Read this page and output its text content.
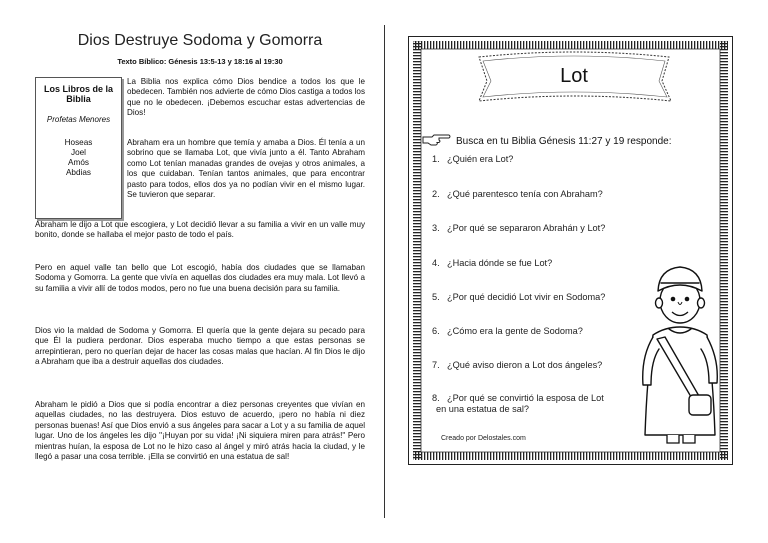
Dios Destruye Sodoma y Gomorra
Texto Bíblico: Génesis 13:5-13 y 18:16 al 19:30
Los Libros de la Biblia
Profetas Menores
Hoseas
Joel
Amós
Abdias

La Biblia nos explica cómo Dios bendice a todos los que le obedecen. También nos advierte de cómo Dios castiga a todos los que no le obedecen. ¡Debemos escuchar estas advertencias de Dios!

Abraham era un hombre que temía y amaba a Dios. Él tenía a un sobrino que se llamaba Lot, que vivía junto a él. Tanto Abraham como Lot tenían manadas grandes de ovejas y otros animales, a los que cuidaban. Tenían tantos animales, que para encontrar pasto para todos, ellos dos ya no podían vivir en el mismo lugar. Se tuvieron que separar.

Abraham le dijo a Lot que escogiera, y Lot decidió llevar a su familia a vivir en un valle muy bonito, donde se hallaba el mejor pasto de todo el país.

Pero en aquel valle tan bello que Lot escogió, había dos ciudades que se llamaban Sodoma y Gomorra. La gente que vivía en aquellas dos ciudades era muy mala. Lot llevó a su familia a vivir allí de todos modos, pero no fue una buena decisión para su familia.

Dios vio la maldad de Sodoma y Gomorra. El quería que la gente dejara su pecado para que Él la pudiera perdonar. Dios esperaba mucho tiempo a que estas personas se arrepintieran, pero no querían dejar de hacer las cosas malas que hacían. Al fin Dios le dijo a Abraham que iba a destruir aquellas dos ciudades.

Abraham le pidió a Dios que si podía encontrar a diez personas creyentes que vivían en aquellas ciudades, no las destruyera. Dios estuvo de acuerdo, ¡pero no había ni diez personas buenas! Así que Dios envió a sus ángeles para sacar a Lot y a su familia de aquel lugar. Uno de los ángeles les dijo "¡Huyan por su vida! ¡Ni siquiera miren para atrás!" Pero mientras huían, la esposa de Lot no le hizo caso al ángel y miró atrás hacia la ciudad, y le llegó a pasar una cosa terrible. ¡Ella se convirtió en una estatua de sal!

Lot
Busca en tu Biblia Génesis 11:27 y 19 responde:
1. ¿Quién era Lot?
2. ¿Qué parentesco tenía con Abraham?
3. ¿Por qué se separaron Abrahán y Lot?
4. ¿Hacia dónde se fue Lot?
5. ¿Por qué decidió Lot vivir en Sodoma?
6. ¿Cómo era la gente de Sodoma?
7. ¿Qué aviso dieron a Lot dos ángeles?
8. ¿Por qué se convirtió la esposa de Lot
en una estatua de sal?
Creado por Delostales.com
